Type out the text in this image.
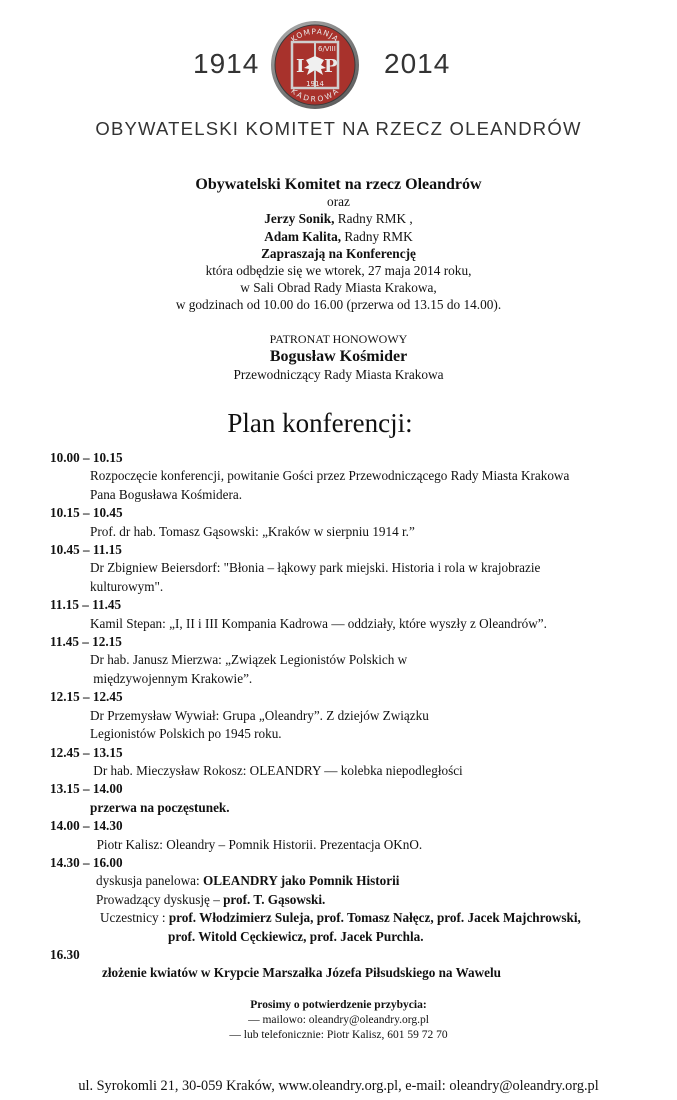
1914	2014
KOMPANJA
KADROWA
6/VIII
I P
1914
OBYWATELSKI KOMITET NA RZECZ OLEANDRÓW
Obywatelski Komitet na rzecz Oleandrów
oraz
Jerzy Sonik, Radny RMK ,
Adam Kalita, Radny RMK
Zapraszają na Konferencję
która odbędzie się we wtorek, 27 maja 2014 roku,
w Sali Obrad Rady Miasta Krakowa,
w godzinach od 10.00 do 16.00 (przerwa od 13.15 do 14.00).
PATRONAT HONOWOWY
Bogusław Kośmider
Przewodniczący Rady Miasta Krakowa
Plan konferencji:
10.00 – 10.15
Rozpoczęcie konferencji, powitanie Gości przez Przewodniczącego Rady Miasta Krakowa
Pana Bogusława Kośmidera.
10.15 – 10.45
Prof. dr hab. Tomasz Gąsowski: „Kraków w sierpniu 1914 r.”
10.45 – 11.15
Dr Zbigniew Beiersdorf: "Błonia – łąkowy park miejski. Historia i rola w krajobrazie
kulturowym".
11.15 – 11.45
Kamil Stepan: „I, II i III Kompania Kadrowa — oddziały, które wyszły z Oleandrów”.
11.45 – 12.15
Dr hab. Janusz Mierzwa: „Związek Legionistów Polskich w
międzywojennym Krakowie”.
12.15 – 12.45
Dr Przemysław Wywiał: Grupa „Oleandry”. Z dziejów Związku
Legionistów Polskich po 1945 roku.
12.45 – 13.15
Dr hab. Mieczysław Rokosz: OLEANDRY — kolebka niepodległości
13.15 – 14.00
przerwa na poczęstunek.
14.00 – 14.30
Piotr Kalisz: Oleandry – Pomnik Historii. Prezentacja OKnO.
14.30 – 16.00
dyskusja panelowa: OLEANDRY jako Pomnik Historii
Prowadzący dyskusję – prof. T. Gąsowski.
Uczestnicy : prof. Włodzimierz Suleja, prof. Tomasz Nałęcz, prof. Jacek Majchrowski,
prof. Witold Cęckiewicz, prof. Jacek Purchla.
16.30
złożenie kwiatów w Krypcie Marszałka Józefa Piłsudskiego na Wawelu
Prosimy o potwierdzenie przybycia:
— mailowo: oleandry@oleandry.org.pl
— lub telefonicznie: Piotr Kalisz, 601 59 72 70
ul. Syrokomli 21, 30-059 Kraków, www.oleandry.org.pl, e-mail: oleandry@oleandry.org.pl
